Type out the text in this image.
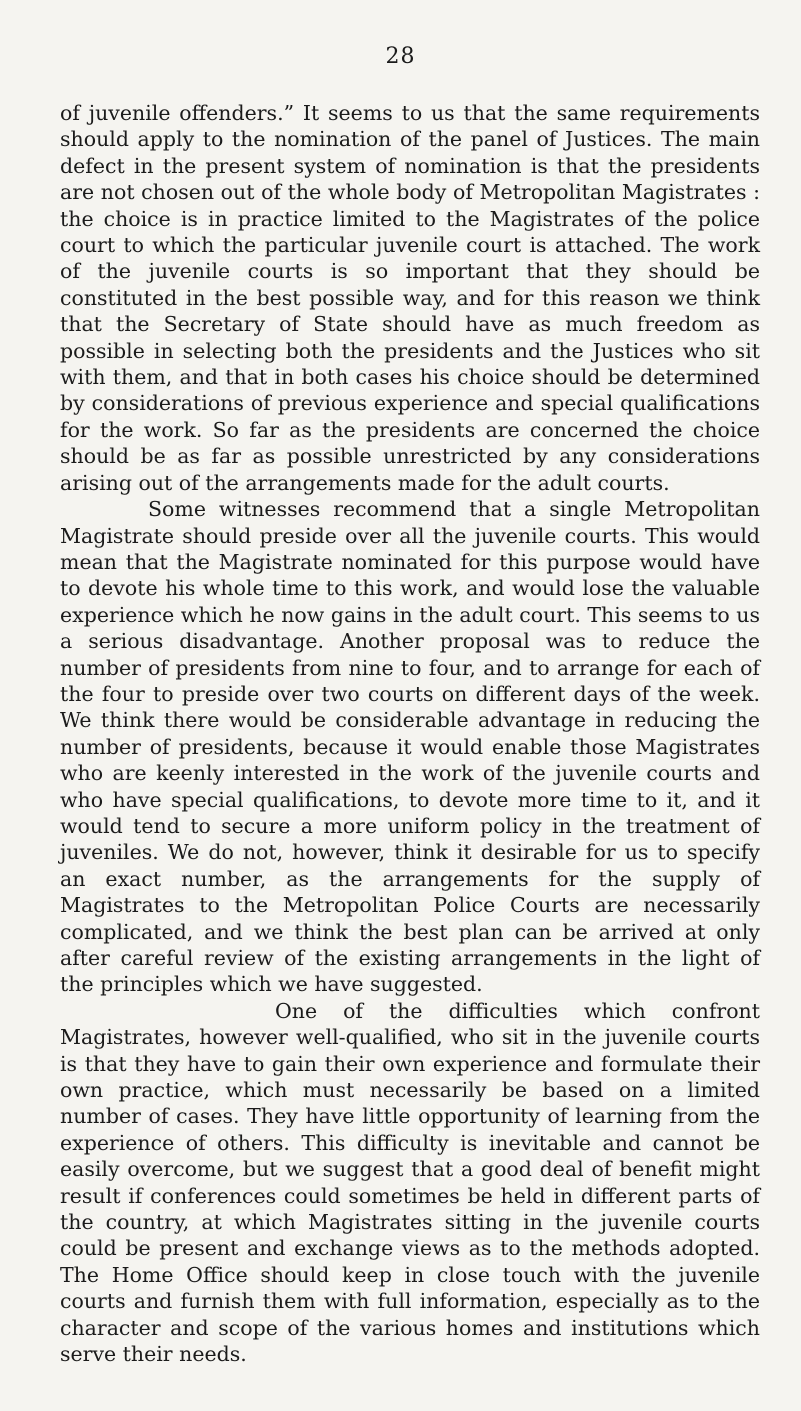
28

of juvenile offenders.” It seems to us that the same requirements should apply to the nomination of the panel of Justices. The main defect in the present system of nomination is that the presidents are not chosen out of the whole body of Metropolitan Magistrates : the choice is in practice limited to the Magistrates of the police court to which the particular juvenile court is attached. The work of the juvenile courts is so important that they should be constituted in the best possible way, and for this reason we think that the Secretary of State should have as much freedom as possible in selecting both the presidents and the Justices who sit with them, and that in both cases his choice should be determined by considerations of previous experience and special qualifications for the work. So far as the presidents are concerned the choice should be as far as possible unrestricted by any considerations arising out of the arrangements made for the adult courts.

Some witnesses recommend that a single Metropolitan Magistrate should preside over all the juvenile courts. This would mean that the Magistrate nominated for this purpose would have to devote his whole time to this work, and would lose the valuable experience which he now gains in the adult court. This seems to us a serious disadvantage. Another proposal was to reduce the number of presidents from nine to four, and to arrange for each of the four to preside over two courts on different days of the week. We think there would be considerable advantage in reducing the number of presidents, because it would enable those Magistrates who are keenly interested in the work of the juvenile courts and who have special qualifications, to devote more time to it, and it would tend to secure a more uniform policy in the treatment of juveniles. We do not, however, think it desirable for us to specify an exact number, as the arrangements for the supply of Magistrates to the Metropolitan Police Courts are necessarily complicated, and we think the best plan can be arrived at only after careful review of the existing arrangements in the light of the principles which we have suggested.

One of the difficulties which confront Magistrates, however well-qualified, who sit in the juvenile courts is that they have to gain their own experience and formulate their own practice, which must necessarily be based on a limited number of cases. They have little opportunity of learning from the experience of others. This difficulty is inevitable and cannot be easily overcome, but we suggest that a good deal of benefit might result if conferences could sometimes be held in different parts of the country, at which Magistrates sitting in the juvenile courts could be present and exchange views as to the methods adopted. The Home Office should keep in close touch with the juvenile courts and furnish them with full information, especially as to the character and scope of the various homes and institutions which serve their needs.
